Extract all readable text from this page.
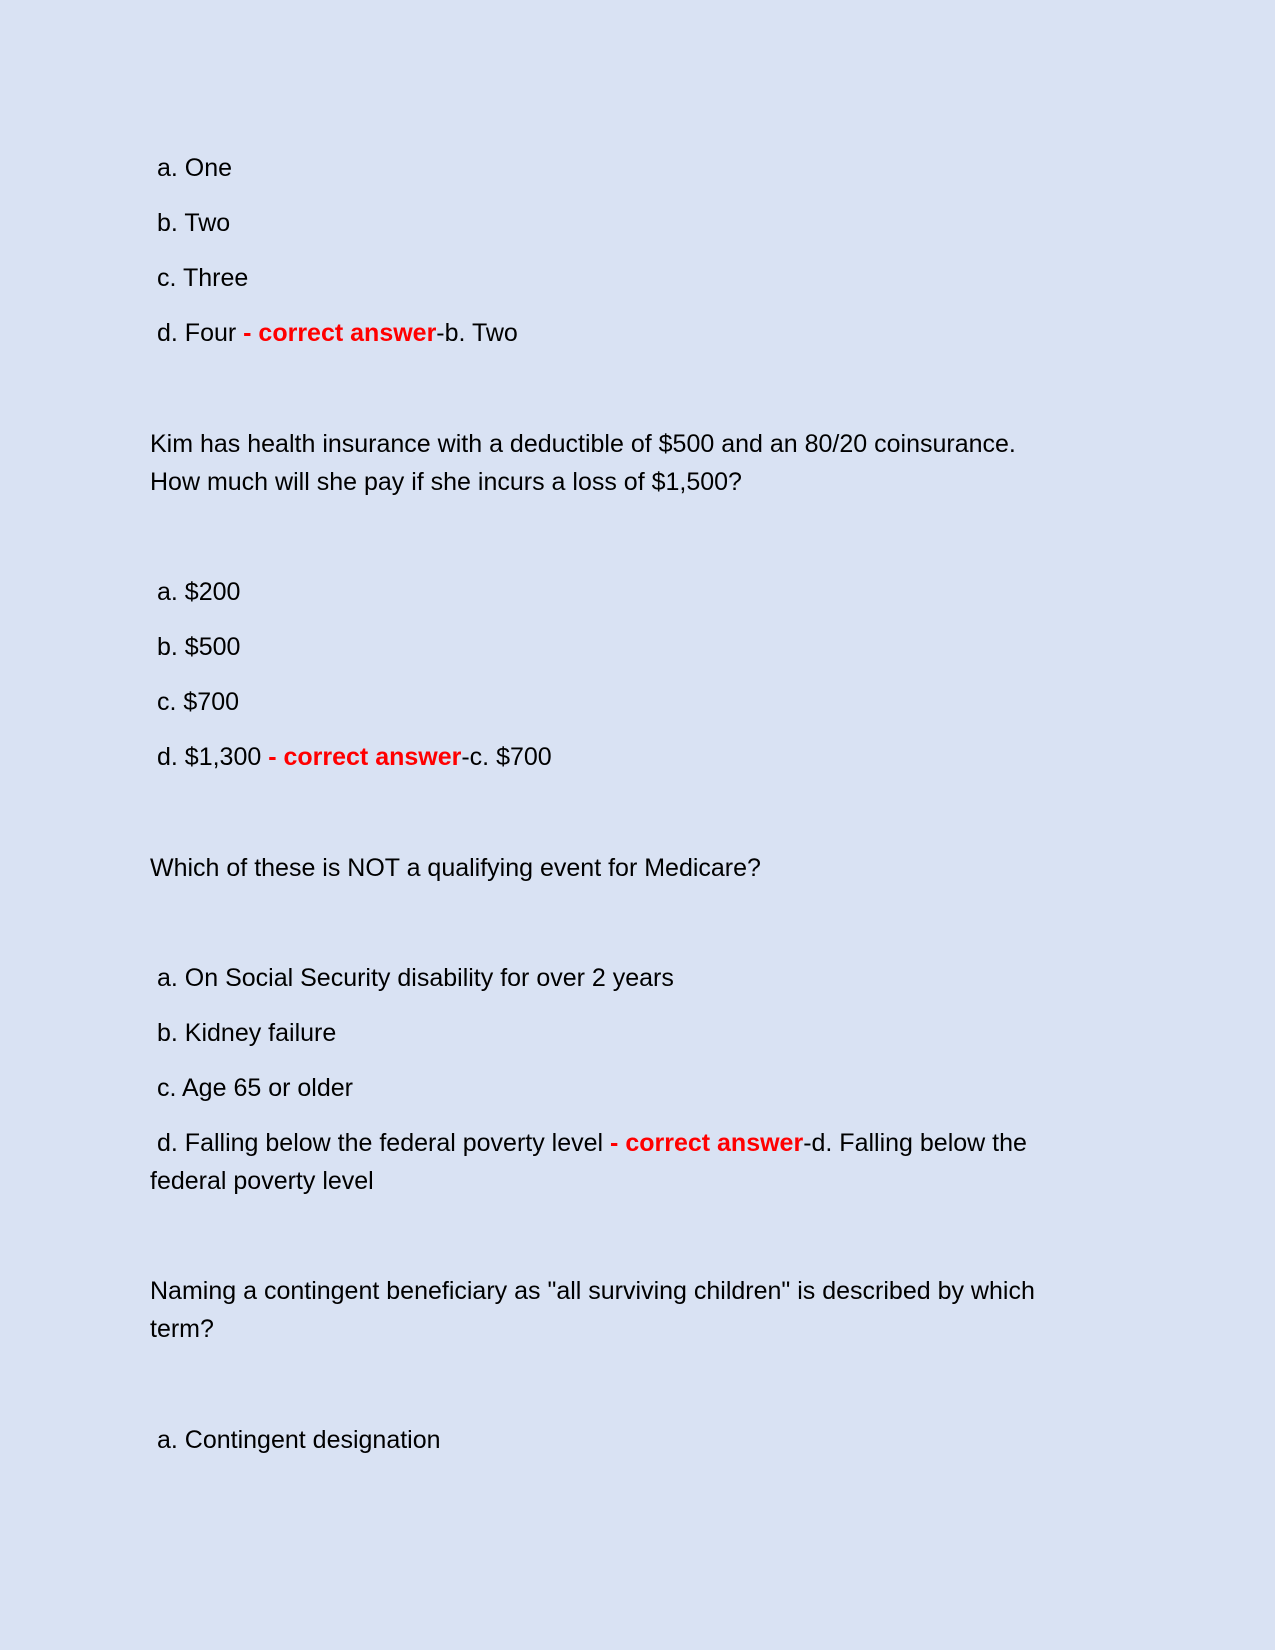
a. One
b. Two
c. Three
d. Four - correct answer-b. Two
Kim has health insurance with a deductible of $500 and an 80/20 coinsurance.
How much will she pay if she incurs a loss of $1,500?
a. $200
b. $500
c. $700
d. $1,300 - correct answer-c. $700
Which of these is NOT a qualifying event for Medicare?
a. On Social Security disability for over 2 years
b. Kidney failure
c. Age 65 or older
d. Falling below the federal poverty level - correct answer-d. Falling below the
federal poverty level
Naming a contingent beneficiary as "all surviving children" is described by which
term?
a. Contingent designation
